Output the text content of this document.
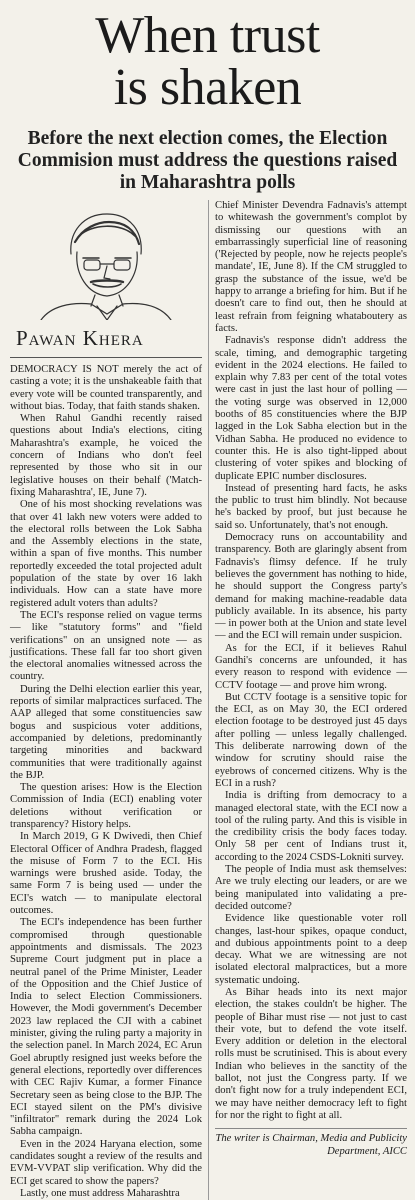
When trust
is shaken
Before the next election comes, the Election Commision must address the questions raised in Maharashtra polls
Pawan Khera

DEMOCRACY IS NOT merely the act of casting a vote; it is the unshakeable faith that every vote will be counted transparently, and without bias. Today, that faith stands shaken.

When Rahul Gandhi recently raised questions about India's elections, citing Maharashtra's example, he voiced the concern of Indians who don't feel represented by those who sit in our legislative houses on their behalf ('Match-fixing Maharashtra', IE, June 7).

One of his most shocking revelations was that over 41 lakh new voters were added to the electoral rolls between the Lok Sabha and the Assembly elections in the state, within a span of five months. This number reportedly exceeded the total projected adult population of the state by over 16 lakh individuals. How can a state have more registered adult voters than adults?

The ECI's response relied on vague terms — like "statutory forms" and "field verifications" on an unsigned note — as justifications. These fall far too short given the electoral anomalies witnessed across the country.

During the Delhi election earlier this year, reports of similar malpractices surfaced. The AAP alleged that some constituencies saw bogus and suspicious voter additions, accompanied by deletions, predominantly targeting minorities and backward communities that were traditionally against the BJP.

The question arises: How is the Election Commission of India (ECI) enabling voter deletions without verification or transparency? History helps.

In March 2019, G K Dwivedi, then Chief Electoral Officer of Andhra Pradesh, flagged the misuse of Form 7 to the ECI. His warnings were brushed aside. Today, the same Form 7 is being used — under the ECI's watch — to manipulate electoral outcomes.

The ECI's independence has been further compromised through questionable appointments and dismissals. The 2023 Supreme Court judgment put in place a neutral panel of the Prime Minister, Leader of the Opposition and the Chief Justice of India to select Election Commissioners. However, the Modi government's December 2023 law replaced the CJI with a cabinet minister, giving the ruling party a majority in the selection panel. In March 2024, EC Arun Goel abruptly resigned just weeks before the general elections, reportedly over differences with CEC Rajiv Kumar, a former Finance Secretary seen as being close to the BJP. The ECI stayed silent on the PM's divisive "infiltrator" remark during the 2024 Lok Sabha campaign.

Even in the 2024 Haryana election, some candidates sought a review of the results and EVM-VVPAT slip verification. Why did the ECI get scared to show the papers?

Lastly, one must address Maharashtra

Chief Minister Devendra Fadnavis's attempt to whitewash the government's complot by dismissing our questions with an embarrassingly superficial line of reasoning ('Rejected by people, now he rejects people's mandate', IE, June 8). If the CM struggled to grasp the substance of the issue, we'd be happy to arrange a briefing for him. But if he doesn't care to find out, then he should at least refrain from feigning whataboutery as facts.

Fadnavis's response didn't address the scale, timing, and demographic targeting evident in the 2024 elections. He failed to explain why 7.83 per cent of the total votes were cast in just the last hour of polling — the voting surge was observed in 12,000 booths of 85 constituencies where the BJP lagged in the Lok Sabha election but in the Vidhan Sabha. He produced no evidence to counter this. He is also tight-lipped about clustering of voter spikes and blocking of duplicate EPIC number disclosures.

Instead of presenting hard facts, he asks the public to trust him blindly. Not because he's backed by proof, but just because he said so. Unfortunately, that's not enough.

Democracy runs on accountability and transparency. Both are glaringly absent from Fadnavis's flimsy defence. If he truly believes the government has nothing to hide, he should support the Congress party's demand for making machine-readable data publicly available. In its absence, his party — in power both at the Union and state level — and the ECI will remain under suspicion.

As for the ECI, if it believes Rahul Gandhi's concerns are unfounded, it has every reason to respond with evidence — CCTV footage — and prove him wrong.

But CCTV footage is a sensitive topic for the ECI, as on May 30, the ECI ordered election footage to be destroyed just 45 days after polling — unless legally challenged. This deliberate narrowing down of the window for scrutiny should raise the eyebrows of concerned citizens. Why is the ECI in a rush?

India is drifting from democracy to a managed electoral state, with the ECI now a tool of the ruling party. And this is visible in the credibility crisis the body faces today. Only 58 per cent of Indians trust it, according to the 2024 CSDS-Lokniti survey.

The people of India must ask themselves: Are we truly electing our leaders, or are we being manipulated into validating a pre-decided outcome?

Evidence like questionable voter roll changes, last-hour spikes, opaque conduct, and dubious appointments point to a deep decay. What we are witnessing are not isolated electoral malpractices, but a more systematic undoing.

As Bihar heads into its next major election, the stakes couldn't be higher. The people of Bihar must rise — not just to cast their vote, but to defend the vote itself. Every addition or deletion in the electoral rolls must be scrutinised. This is about every Indian who believes in the sanctity of the ballot, not just the Congress party. If we don't fight now for a truly independent ECI, we may have neither democracy left to fight for nor the right to fight at all.

The writer is Chairman, Media and Publicity Department, AICC
